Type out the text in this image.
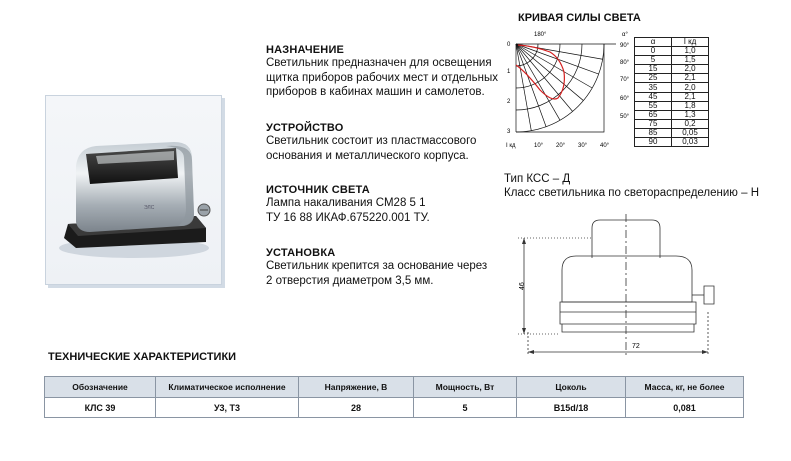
ЭЛС
НАЗНАЧЕНИЕ
Светильник предназначен для освещения
щитка приборов рабочих мест и отдельных
приборов в кабинах машин и самолетов.
УСТРОЙСТВО
Светильник состоит из пластмассового
основания и металлического корпуса.
ИСТОЧНИК СВЕТА
Лампа накаливания СМ28 5 1
ТУ 16 88 ИКАФ.675220.001 ТУ.
УСТАНОВКА
Светильник крепится за основание через
2 отверстия диаметром 3,5 мм.
КРИВАЯ СИЛЫ СВЕТА
180°
0
1
2
3
α°
90°
80°
70°
60°
50°
I кд	10° 20° 30° 40°
α	I кд
0	1,0
5	1,5
15	2,0
25	2,1
35	2,0
45	2,1
55	1,8
65	1,3
75	0,2
85	0,05
90	0,03
Тип КСС – Д
Класс светильника по светораспределению – Н
46
72
ТЕХНИЧЕСКИЕ ХАРАКТЕРИСТИКИ
Обозначение	Климатическое исполнение	Напряжение, В	Мощность, Вт	Цоколь	Масса, кг, не более
КЛС 39	У3, Т3	28	5	В15d/18	0,081
